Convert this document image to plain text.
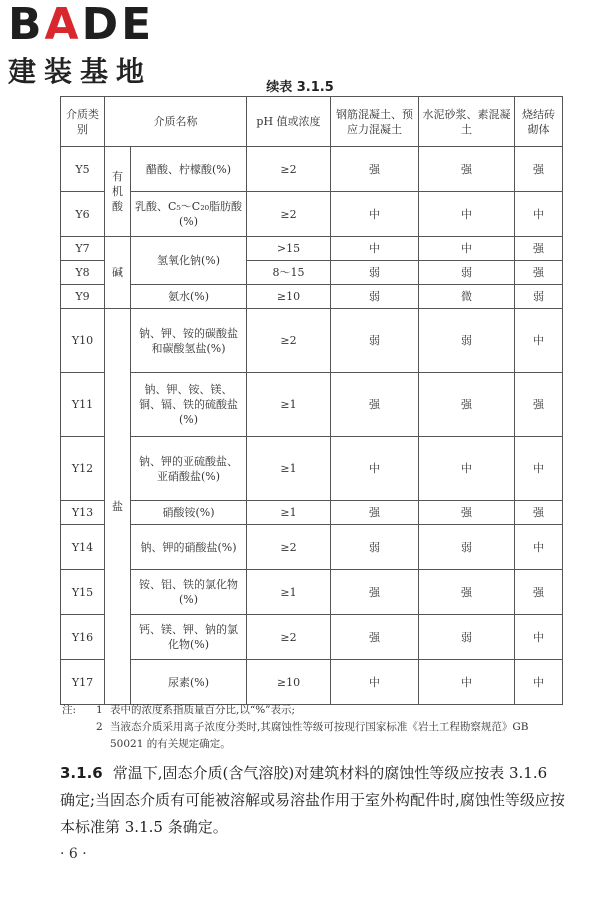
B A DE
建装基地	续表 3.1.5
介质类别	介质名称		pH 值或浓度	钢筋混凝土、预应力混凝土	水泥砂浆、素混凝土	烧结砖砌体
Y5	有机酸	醋酸、柠檬酸(%)	≥2	强	强	强
Y6		乳酸、C₅～C₂₀脂肪酸(%)	≥2	中	中	中
Y7	碱	氢氧化钠(%)	>15	中	中	强
Y8			8～15	弱	弱	强
Y9		氨水(%)	≥10	弱	微	弱
Y10	盐	钠、钾、铵的碳酸盐和碳酸氢盐(%)	≥2	弱	弱	中
Y11		钠、钾、铵、镁、铜、镉、铁的硫酸盐(%)	≥1	强	强	强
Y12		钠、钾的亚硫酸盐、亚硝酸盐(%)	≥1	中	中	中
Y13		硝酸铵(%)	≥1	强	强	强
Y14		钠、钾的硝酸盐(%)	≥2	弱	弱	中
Y15		铵、铝、铁的氯化物(%)	≥1	强	强	强
Y16		钙、镁、钾、钠的氯化物(%)	≥2	强	弱	中
Y17		尿素(%)	≥10	中	中	中
注:	1 表中的浓度系指质量百分比,以“%”表示;
2 当液态介质采用离子浓度分类时,其腐蚀性等级可按现行国家标准《岩土工程勘察规范》GB 50021 的有关规定确定。
3.1.6 常温下,固态介质(含气溶胶)对建筑材料的腐蚀性等级应按表 3.1.6 确定;当固态介质有可能被溶解或易溶盐作用于室外构配件时,腐蚀性等级应按本标准第 3.1.5 条确定。
· 6 ·
